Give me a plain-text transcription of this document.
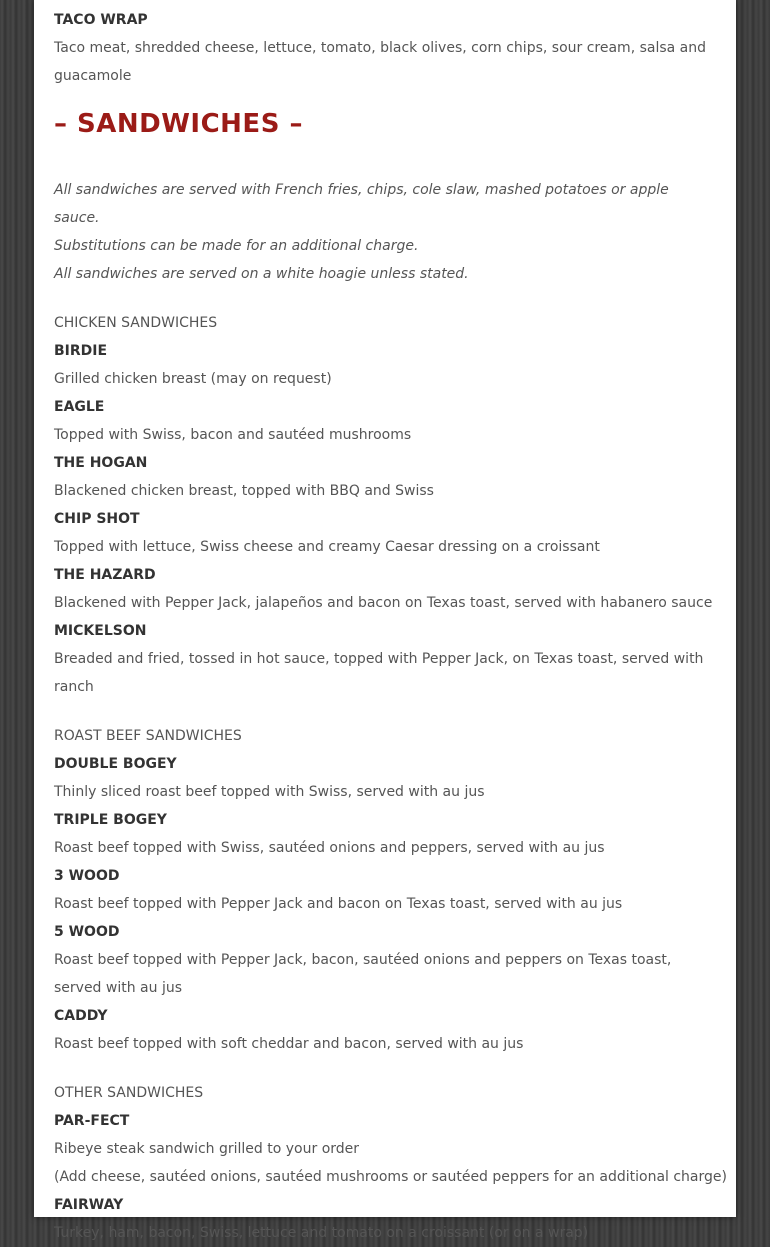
TACO WRAP

Taco meat, shredded cheese, lettuce, tomato, black olives, corn chips, sour cream, salsa and guacamole

– SANDWICHES –

All sandwiches are served with French fries, chips, cole slaw, mashed potatoes or apple sauce.

Substitutions can be made for an additional charge.

All sandwiches are served on a white hoagie unless stated.

CHICKEN SANDWICHES

BIRDIE

Grilled chicken breast (may on request)

EAGLE

Topped with Swiss, bacon and sautéed mushrooms

THE HOGAN

Blackened chicken breast, topped with BBQ and Swiss

CHIP SHOT

Topped with lettuce, Swiss cheese and creamy Caesar dressing on a croissant

THE HAZARD

Blackened with Pepper Jack, jalapeños and bacon on Texas toast, served with habanero sauce

MICKELSON

Breaded and fried, tossed in hot sauce, topped with Pepper Jack, on Texas toast, served with ranch

ROAST BEEF SANDWICHES

DOUBLE BOGEY

Thinly sliced roast beef topped with Swiss, served with au jus

TRIPLE BOGEY

Roast beef topped with Swiss, sautéed onions and peppers, served with au jus

3 WOOD

Roast beef topped with Pepper Jack and bacon on Texas toast, served with au jus

5 WOOD

Roast beef topped with Pepper Jack, bacon, sautéed onions and peppers on Texas toast, served with au jus

CADDY

Roast beef topped with soft cheddar and bacon, served with au jus

OTHER SANDWICHES

PAR-FECT

Ribeye steak sandwich grilled to your order

(Add cheese, sautéed onions, sautéed mushrooms or sautéed peppers for an additional charge)

FAIRWAY

Turkey, ham, bacon, Swiss, lettuce and tomato on a croissant (or on a wrap)
